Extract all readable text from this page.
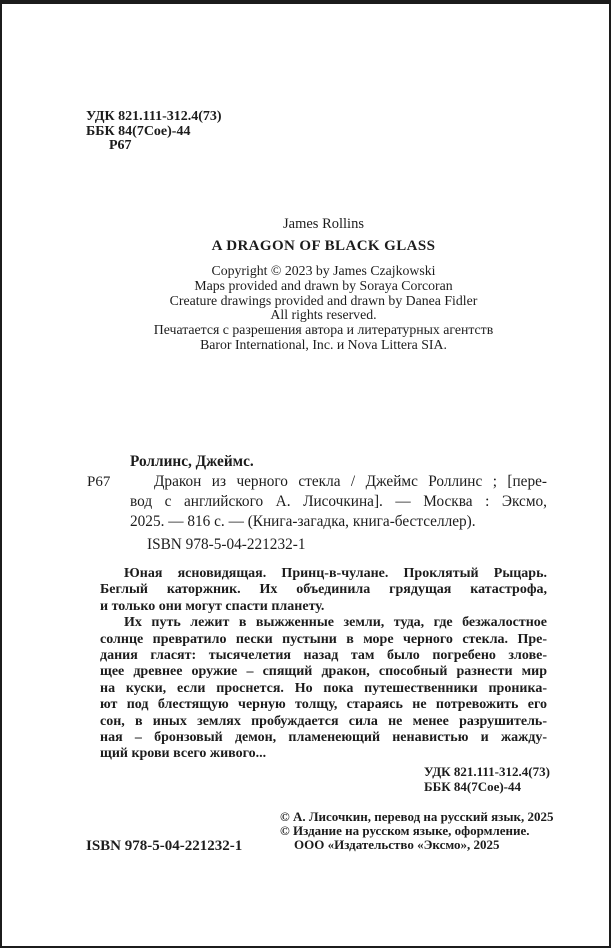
УДК 821.111-312.4(73)
ББК 84(7Сое)-44
Р67
James Rollins
A DRAGON OF BLACK GLASS
Copyright © 2023 by James Czajkowski
Maps provided and drawn by Soraya Corcoran
Creature drawings provided and drawn by Danea Fidler
All rights reserved.
Печатается с разрешения автора и литературных агентств
Baror International, Inc. и Nova Littera SIA.
Р67
Роллинс, Джеймс.
Дракон из черного стекла / Джеймс Роллинс ; [пере-
вод с английского А. Лисочкина]. — Москва : Эксмо,
2025. — 816 с. — (Книга-загадка, книга-бестселлер).
ISBN 978-5-04-221232-1
Юная ясновидящая. Принц-в-чулане. Проклятый Рыцарь.
Беглый каторжник. Их объединила грядущая катастрофа,
и только они могут спасти планету.
Их путь лежит в выжженные земли, туда, где безжалостное
солнце превратило пески пустыни в море черного стекла. Пре-
дания гласят: тысячелетия назад там было погребено злове-
щее древнее оружие – спящий дракон, способный разнести мир
на куски, если проснется. Но пока путешественники проника-
ют под блестящую черную толщу, стараясь не потревожить его
сон, в иных землях пробуждается сила не менее разрушитель-
ная – бронзовый демон, пламенеющий ненавистью и жажду-
щий крови всего живого...
УДК 821.111-312.4(73)
ББК 84(7Сое)-44
© А. Лисочкин, перевод на русский язык, 2025
© Издание на русском языке, оформление.
ООО «Издательство «Эксмо», 2025
ISBN 978-5-04-221232-1
